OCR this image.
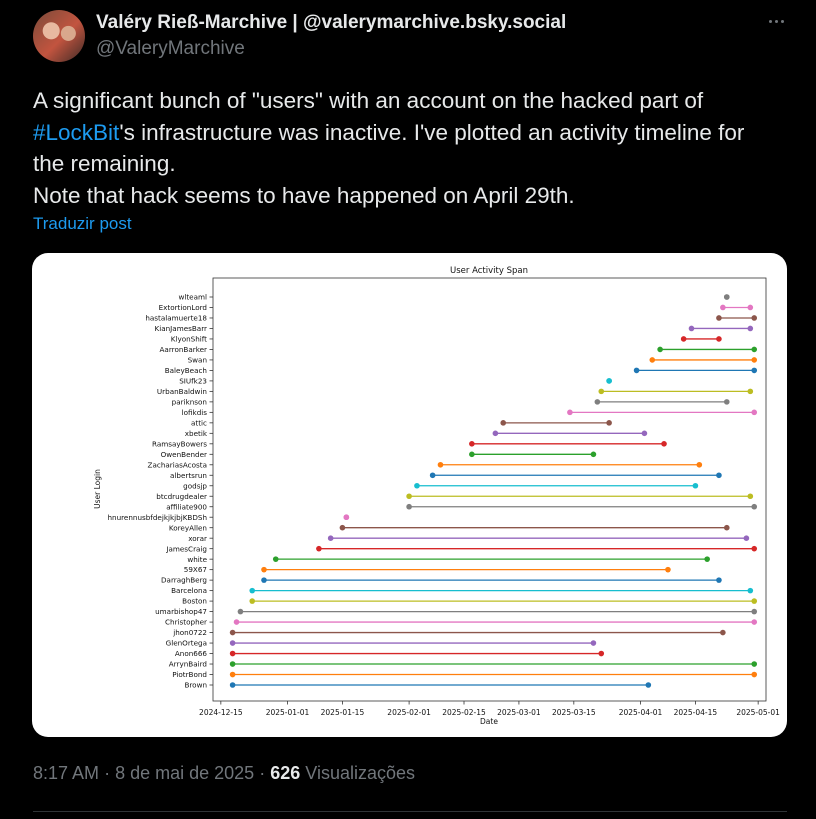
Valéry Rieß-Marchive | @valerymarchive.bsky.social
@ValeryMarchive
A significant bunch of "users" with an account on the hacked part of
#LockBit's infrastructure was inactive. I've plotted an activity timeline for
the remaining.
Note that hack seems to have happened on April 29th.
Traduzir post
User Activity Span
Date
User Login
2024-12-15	2025-01-01 2025-01-15	2025-02-01 2025-02-15 2025-03-01 2025-03-15	2025-04-01 2025-04-15	2025-05-01
Brown
PiotrBond
ArrynBaird
Anon666
GlenOrtega
jhon0722
Christopher
umarbishop47
Boston
Barcelona
DarraghBerg
59X67
white
JamesCraig
xorar
KoreyAllen
hnurennusbfdejkjkjbjKBDSh
affiliate900
btcdrugdealer
godsjp
albertsrun
ZachariasAcosta
OwenBender
RamsayBowers
xbetik
attic
lofikdis
pariknson
UrbanBaldwin
SIUfk23
BaleyBeach
Swan
AarronBarker
KlyonShift
KianJamesBarr
hastalamuerte18
ExtortionLord
wlteaml
8:17 AM · 8 de mai de 2025 · 626 Visualizações
